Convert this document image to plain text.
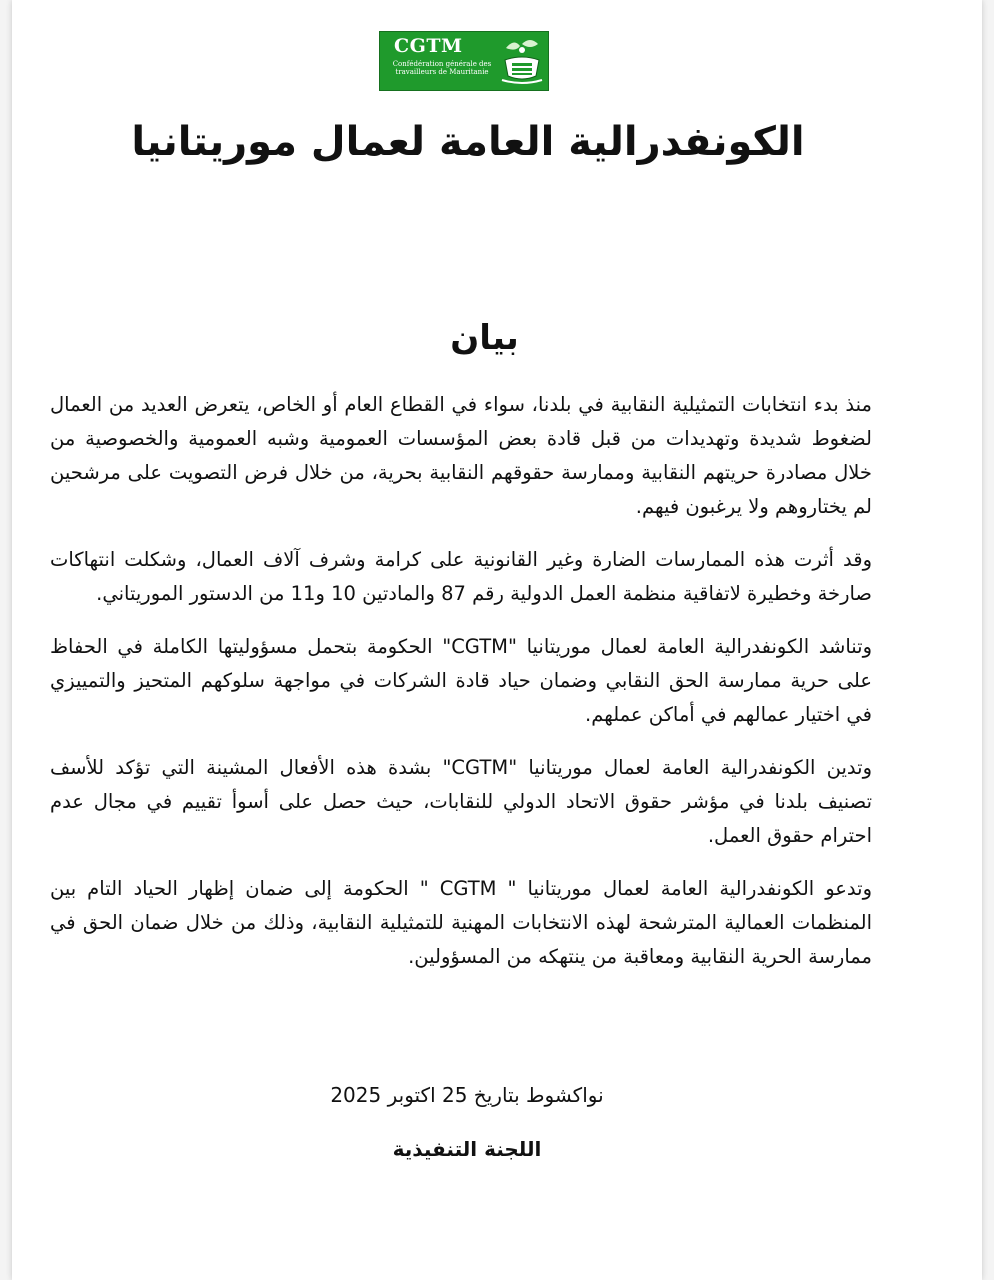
CGTM
Confédération générale des travailleurs de Mauritanie
الكونفدرالية العامة لعمال موريتانيا
بيان

منذ بدء انتخابات التمثيلية النقابية في بلدنا، سواء في القطاع العام أو الخاص، يتعرض العديد من العمال لضغوط شديدة وتهديدات من قبل قادة بعض المؤسسات العمومية وشبه العمومية والخصوصية من خلال مصادرة حريتهم النقابية وممارسة حقوقهم النقابية بحرية، من خلال فرض التصويت على مرشحين لم يختاروهم ولا يرغبون فيهم.

وقد أثرت هذه الممارسات الضارة وغير القانونية على كرامة وشرف آلاف العمال، وشكلت انتهاكات صارخة وخطيرة لاتفاقية منظمة العمل الدولية رقم 87 والمادتين 10 و11 من الدستور الموريتاني.

وتناشد الكونفدرالية العامة لعمال موريتانيا "CGTM" الحكومة بتحمل مسؤوليتها الكاملة في الحفاظ على حرية ممارسة الحق النقابي وضمان حياد قادة الشركات في مواجهة سلوكهم المتحيز والتمييزي في اختيار عمالهم في أماكن عملهم.

وتدين الكونفدرالية العامة لعمال موريتانيا "CGTM" بشدة هذه الأفعال المشينة التي تؤكد للأسف تصنيف بلدنا في مؤشر حقوق الاتحاد الدولي للنقابات، حيث حصل على أسوأ تقييم في مجال عدم احترام حقوق العمل.

وتدعو الكونفدرالية العامة لعمال موريتانيا " CGTM " الحكومة إلى ضمان إظهار الحياد التام بين المنظمات العمالية المترشحة لهذه الانتخابات المهنية للتمثيلية النقابية، وذلك من خلال ضمان الحق في ممارسة الحرية النقابية ومعاقبة من ينتهكه من المسؤولين.

نواكشوط بتاريخ 25 اكتوبر 2025
اللجنة التنفيذية
